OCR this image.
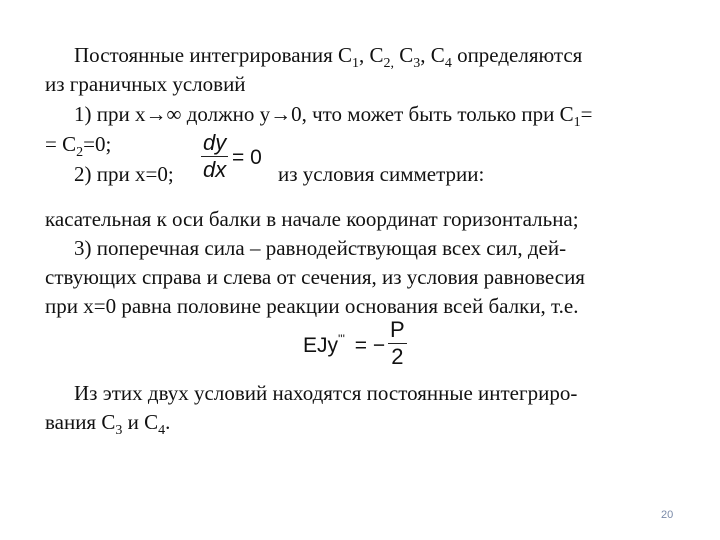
Постоянные интегрирования $С_1$, $С_{2,}$ $С_3$, $С_4$ определяются
из граничных условий
1) при x→∞ должно y→0, что может быть только при $С_1=$
= $С_2=0$;
2) при x=0;
dy
dx = 0
из условия симметрии:
касательная к оси балки в начале координат горизонтальна;
3) поперечная сила – равнодействующая всех сил, дей-
ствующих справа и слева от сечения, из условия равновесия
при x=0 равна половине реакции основания всей балки, т.е.
EJy''' = −
P
2
Из этих двух условий находятся постоянные интегриро-
вания $С_3$ и $С_4$.
20
